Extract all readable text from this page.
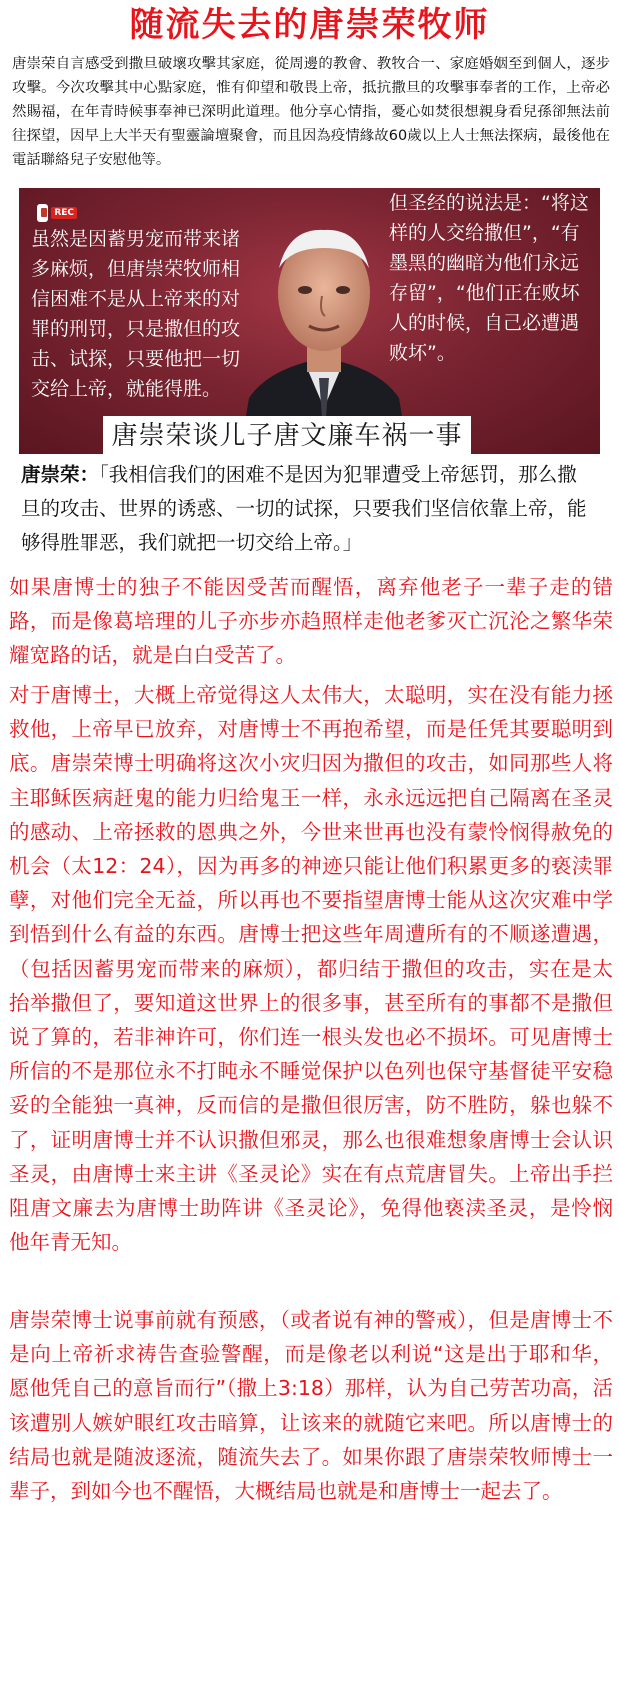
随流失去的唐崇荣牧师

唐崇荣自言感受到撒旦破壞攻擊其家庭，從周邊的教會、教牧合一、家庭婚姻至到個人，逐步攻擊。今次攻擊其中心點家庭，惟有仰望和敬畏上帝，抵抗撒旦的攻擊事奉者的工作，上帝必然賜福，在年青時候事奉神已深明此道理。他分享心情指，憂心如焚很想親身看兒孫卻無法前往探望，因早上大半天有聖靈論壇聚會，而且因為疫情緣故60歲以上人士無法探病，最後他在電話聯絡兒子安慰他等。

REC

虽然是因蓄男宠而带来诸多麻烦，但唐崇荣牧师相信困难不是从上帝来的对罪的刑罚，只是撒但的攻击、试探，只要他把一切交给上帝，就能得胜。

但圣经的说法是：“将这样的人交给撒但”，“有墨黑的幽暗为他们永远存留”，“他们正在败坏人的时候，自己必遭遇败坏”。

唐崇荣谈儿子唐文廉车祸一事

唐崇荣：「我相信我们的困难不是因为犯罪遭受上帝惩罚，那么撒旦的攻击、世界的诱惑、一切的试探，只要我们坚信依靠上帝，能够得胜罪恶，我们就把一切交给上帝。」

如果唐博士的独子不能因受苦而醒悟，离弃他老子一辈子走的错路，而是像葛培理的儿子亦步亦趋照样走他老爹灭亡沉沦之繁华荣耀宽路的话，就是白白受苦了。

对于唐博士，大概上帝觉得这人太伟大，太聪明，实在没有能力拯救他，上帝早已放弃，对唐博士不再抱希望，而是任凭其要聪明到底。唐崇荣博士明确将这次小灾归因为撒但的攻击，如同那些人将主耶稣医病赶鬼的能力归给鬼王一样，永永远远把自己隔离在圣灵的感动、上帝拯救的恩典之外，今世来世再也没有蒙怜悯得赦免的机会（太12：24），因为再多的神迹只能让他们积累更多的亵渎罪孽，对他们完全无益，所以再也不要指望唐博士能从这次灾难中学到悟到什么有益的东西。唐博士把这些年周遭所有的不顺遂遭遇，（包括因蓄男宠而带来的麻烦），都归结于撒但的攻击，实在是太抬举撒但了，要知道这世界上的很多事，甚至所有的事都不是撒但说了算的，若非神许可，你们连一根头发也必不损坏。可见唐博士所信的不是那位永不打盹永不睡觉保护以色列也保守基督徒平安稳妥的全能独一真神，反而信的是撒但很厉害，防不胜防，躲也躲不了，证明唐博士并不认识撒但邪灵，那么也很难想象唐博士会认识圣灵，由唐博士来主讲《圣灵论》实在有点荒唐冒失。上帝出手拦阻唐文廉去为唐博士助阵讲《圣灵论》，免得他亵渎圣灵，是怜悯他年青无知。

唐崇荣博士说事前就有预感，（或者说有神的警戒），但是唐博士不是向上帝祈求祷告查验警醒，而是像老以利说“这是出于耶和华，愿他凭自己的意旨而行”（撒上3:18）那样，认为自己劳苦功高，活该遭别人嫉妒眼红攻击暗算，让该来的就随它来吧。所以唐博士的结局也就是随波逐流，随流失去了。如果你跟了唐崇荣牧师博士一辈子，到如今也不醒悟，大概结局也就是和唐博士一起去了。
